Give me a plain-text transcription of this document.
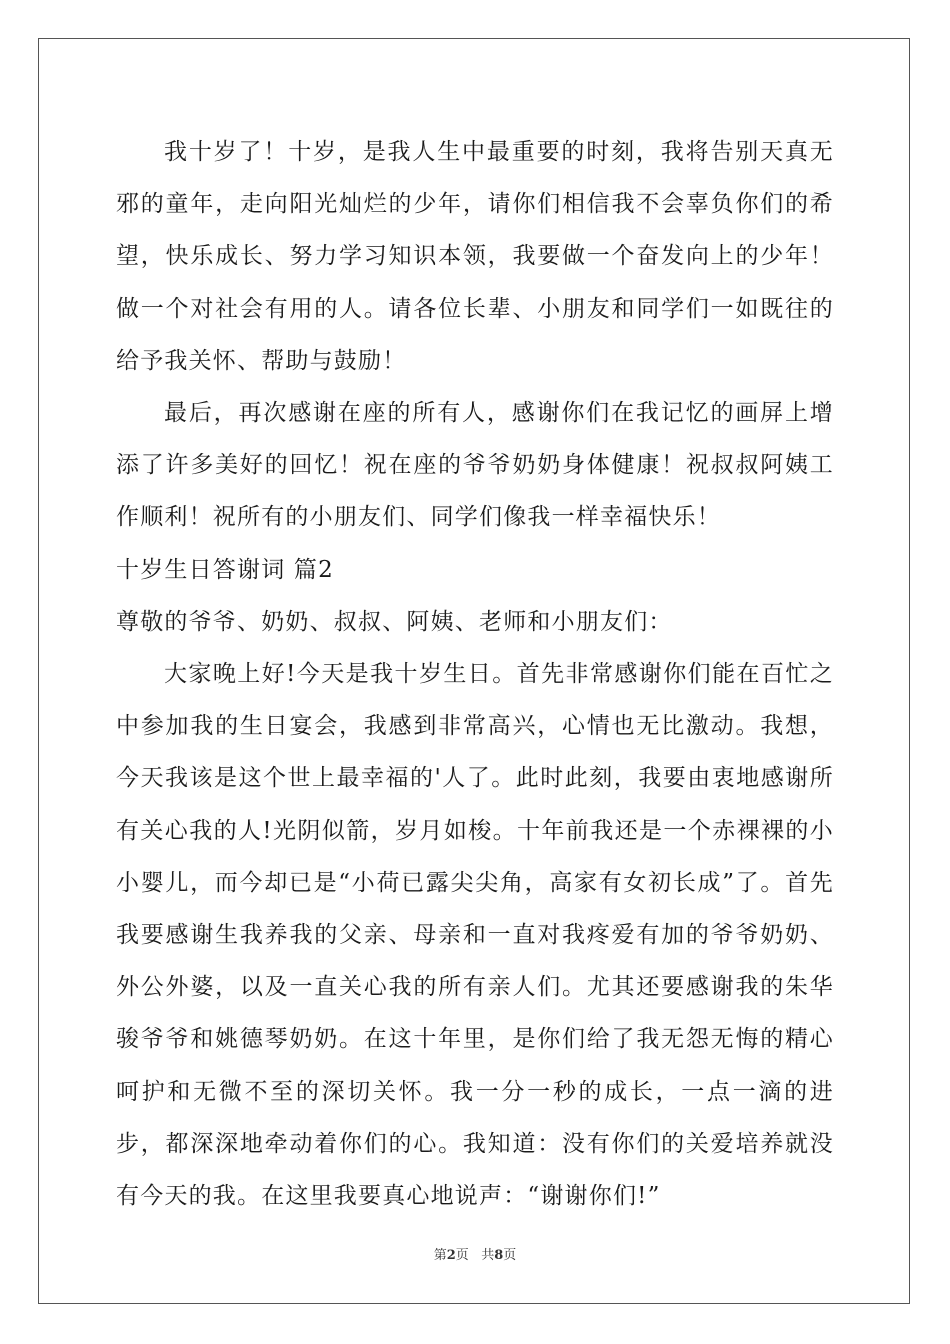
我十岁了！十岁，是我人生中最重要的时刻，我将告别天真无邪的童年，走向阳光灿烂的少年，请你们相信我不会辜负你们的希望，快乐成长、努力学习知识本领，我要做一个奋发向上的少年！做一个对社会有用的人。请各位长辈、小朋友和同学们一如既往的给予我关怀、帮助与鼓励！

最后，再次感谢在座的所有人，感谢你们在我记忆的画屏上增添了许多美好的回忆！祝在座的爷爷奶奶身体健康！祝叔叔阿姨工作顺利！祝所有的小朋友们、同学们像我一样幸福快乐！

十岁生日答谢词 篇2

尊敬的爷爷、奶奶、叔叔、阿姨、老师和小朋友们：

大家晚上好!今天是我十岁生日。首先非常感谢你们能在百忙之中参加我的生日宴会，我感到非常高兴，心情也无比激动。我想，今天我该是这个世上最幸福的'人了。此时此刻，我要由衷地感谢所有关心我的人!光阴似箭，岁月如梭。十年前我还是一个赤裸裸的小小婴儿，而今却已是“小荷已露尖尖角，高家有女初长成”了。首先我要感谢生我养我的父亲、母亲和一直对我疼爱有加的爷爷奶奶、外公外婆，以及一直关心我的所有亲人们。尤其还要感谢我的朱华骏爷爷和姚德琴奶奶。在这十年里，是你们给了我无怨无悔的精心呵护和无微不至的深切关怀。我一分一秒的成长，一点一滴的进步，都深深地牵动着你们的心。我知道：没有你们的关爱培养就没有今天的我。在这里我要真心地说声：“谢谢你们!”

第2页 共8页
